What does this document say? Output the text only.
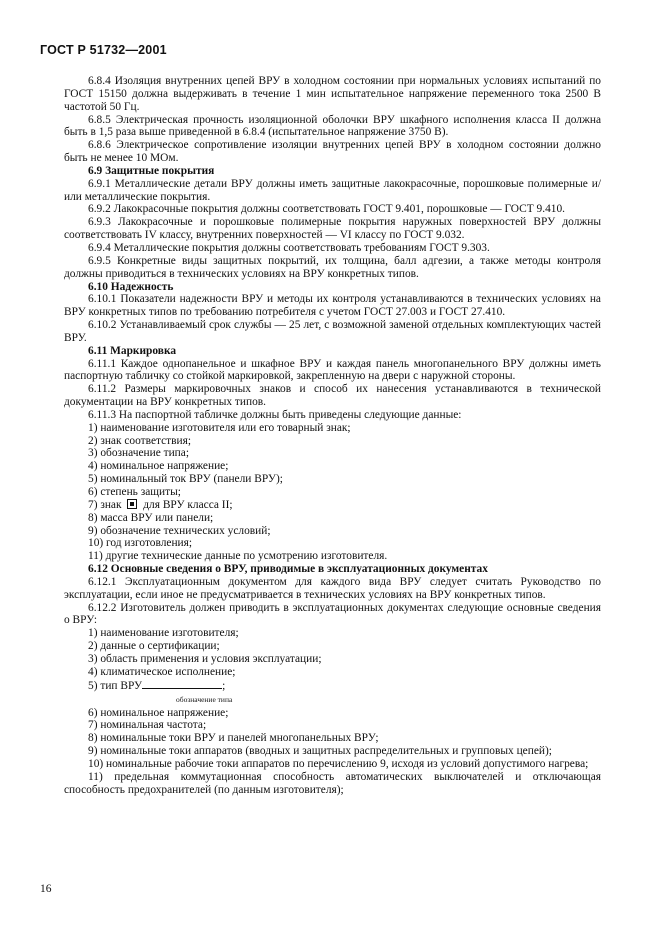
ГОСТ Р 51732—2001

6.8.4 Изоляция внутренних цепей ВРУ в холодном состоянии при нормальных условиях испытаний по ГОСТ 15150 должна выдерживать в течение 1 мин испытательное напряжение переменного тока 2500 В частотой 50 Гц.

6.8.5 Электрическая прочность изоляционной оболочки ВРУ шкафного исполнения класса II должна быть в 1,5 раза выше приведенной в 6.8.4 (испытательное напряжение 3750 В).

6.8.6 Электрическое сопротивление изоляции внутренних цепей ВРУ в холодном состоянии должно быть не менее 10 МОм.

6.9 Защитные покрытия

6.9.1 Металлические детали ВРУ должны иметь защитные лакокрасочные, порошковые полимерные и/или металлические покрытия.

6.9.2 Лакокрасочные покрытия должны соответствовать ГОСТ 9.401, порошковые — ГОСТ 9.410.

6.9.3 Лакокрасочные и порошковые полимерные покрытия наружных поверхностей ВРУ должны соответствовать IV классу, внутренних поверхностей — VI классу по ГОСТ 9.032.

6.9.4 Металлические покрытия должны соответствовать требованиям ГОСТ 9.303.

6.9.5 Конкретные виды защитных покрытий, их толщина, балл адгезии, а также методы контроля должны приводиться в технических условиях на ВРУ конкретных типов.

6.10 Надежность

6.10.1 Показатели надежности ВРУ и методы их контроля устанавливаются в технических условиях на ВРУ конкретных типов по требованию потребителя с учетом ГОСТ 27.003 и ГОСТ 27.410.

6.10.2 Устанавливаемый срок службы — 25 лет, с возможной заменой отдельных комплектующих частей ВРУ.

6.11 Маркировка

6.11.1 Каждое однопанельное и шкафное ВРУ и каждая панель многопанельного ВРУ должны иметь паспортную табличку со стойкой маркировкой, закрепленную на двери с наружной стороны.

6.11.2 Размеры маркировочных знаков и способ их нанесения устанавливаются в технической документации на ВРУ конкретных типов.

6.11.3 На паспортной табличке должны быть приведены следующие данные:

1) наименование изготовителя или его товарный знак;

2) знак соответствия;

3) обозначение типа;

4) номинальное напряжение;

5) номинальный ток ВРУ (панели ВРУ);

6) степень защиты;

7) знак для ВРУ класса II;

8) масса ВРУ или панели;

9) обозначение технических условий;

10) год изготовления;

11) другие технические данные по усмотрению изготовителя.

6.12 Основные сведения о ВРУ, приводимые в эксплуатационных документах

6.12.1 Эксплуатационным документом для каждого вида ВРУ следует считать Руководство по эксплуатации, если иное не предусматривается в технических условиях на ВРУ конкретных типов.

6.12.2 Изготовитель должен приводить в эксплуатационных документах следующие основные сведения о ВРУ:

1) наименование изготовителя;

2) данные о сертификации;

3) область применения и условия эксплуатации;

4) климатическое исполнение;

5) тип ВРУ	;

обозначение типа

6) номинальное напряжение;

7) номинальная частота;

8) номинальные токи ВРУ и панелей многопанельных ВРУ;

9) номинальные токи аппаратов (вводных и защитных распределительных и групповых цепей);

10) номинальные рабочие токи аппаратов по перечислению 9, исходя из условий допустимого нагрева;

11) предельная коммутационная способность автоматических выключателей и отключающая способность предохранителей (по данным изготовителя);

16
